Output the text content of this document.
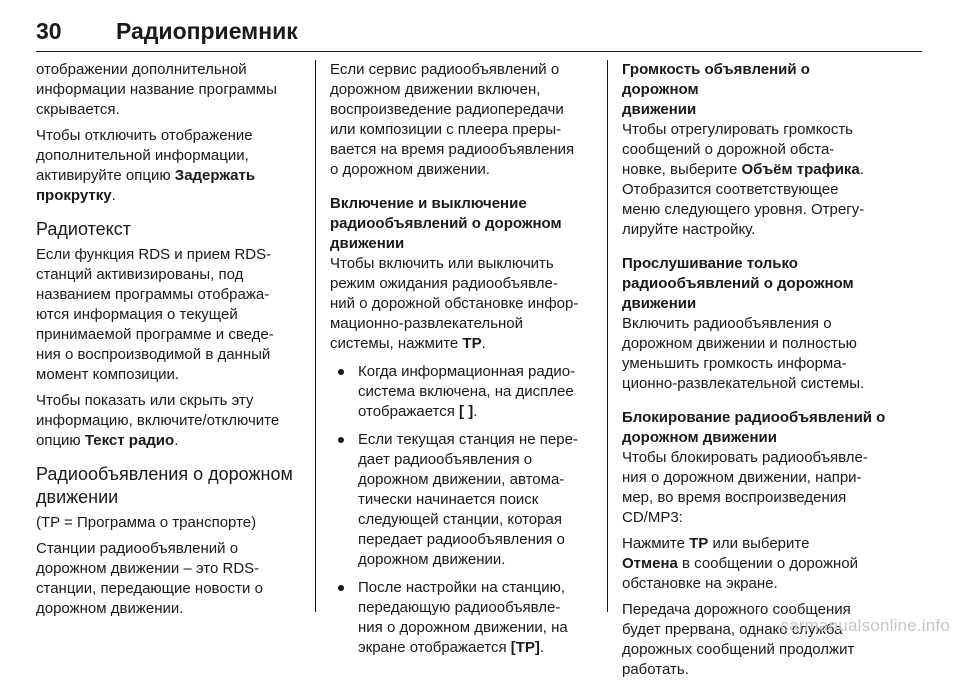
30 Радиоприемник

отображении дополнительной
информации название программы
скрывается.

Чтобы отключить отображение
дополнительной информации,
активируйте опцию Задержать
прокрутку.

Радиотекст

Если функция RDS и прием RDS-
станций активизированы, под
названием программы отобража-
ются информация о текущей
принимаемой программе и сведе-
ния о воспроизводимой в данный
момент композиции.

Чтобы показать или скрыть эту
информацию, включите/отключите
опцию Текст радио.

Радиообъявления о дорожном
движении

(TP = Программа о транспорте)

Станции радиообъявлений о
дорожном движении – это RDS-
станции, передающие новости о
дорожном движении.

Если сервис радиообъявлений о
дорожном движении включен,
воспроизведение радиопередачи
или композиции с плеера преры-
вается на время радиообъявления
о дорожном движении.

Включение и выключение
радиообъявлений о дорожном
движении

Чтобы включить или выключить
режим ожидания радиообъявле-
ний о дорожной обстановке инфор-
мационно-развлекательной
системы, нажмите TP.

Когда информационная радио-
система включена, на дисплее
отображается [ ].
Если текущая станция не пере-
дает радиообъявления о
дорожном движении, автома-
тически начинается поиск
следующей станции, которая
передает радиообъявления о
дорожном движении.
После настройки на станцию,
передающую радиообъявле-
ния о дорожном движении, на
экране отображается [TP].
Громкость объявлений о дорожном
движении

Чтобы отрегулировать громкость
сообщений о дорожной обста-
новке, выберите Объём трафика.
Отобразится соответствующее
меню следующего уровня. Отрегу-
лируйте настройку.

Прослушивание только
радиообъявлений о дорожном
движении

Включить радиообъявления о
дорожном движении и полностью
уменьшить громкость информа-
ционно-развлекательной системы.

Блокирование радиообъявлений о
дорожном движении

Чтобы блокировать радиообъявле-
ния о дорожном движении, напри-
мер, во время воспроизведения
CD/MP3:

Нажмите TP или выберите
Отмена в сообщении о дорожной
обстановке на экране.

Передача дорожного сообщения
будет прервана, однако служба
дорожных сообщений продолжит
работать.

carmanualsonline.info
